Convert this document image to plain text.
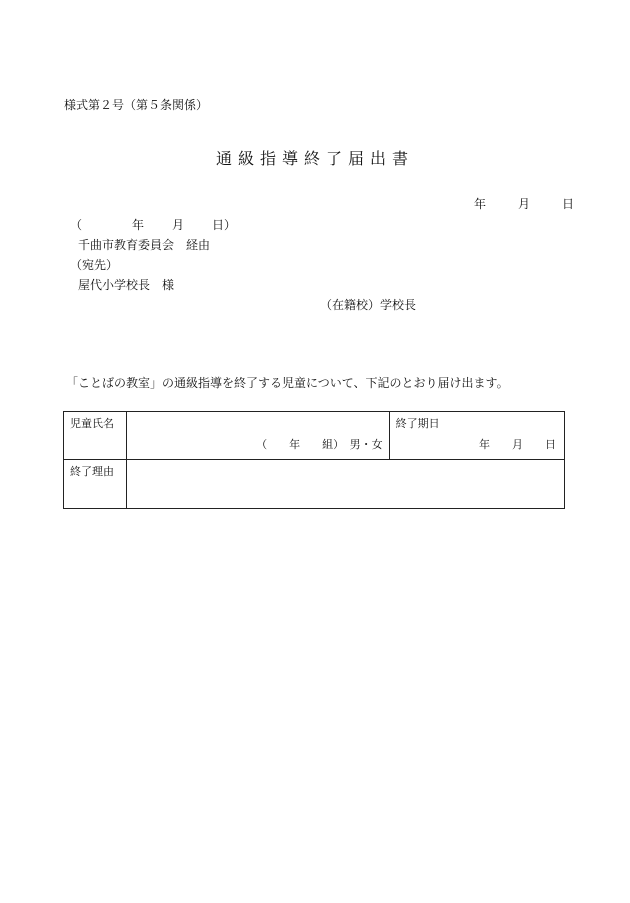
様式第２号（第５条関係）
通級指導終了届出書
年	月	日
（	年 月 日）
千曲市教育委員会　経由
（宛先）
屋代小学校長　様
（在籍校）学校長
「ことばの教室」の通級指導を終了する児童について、下記のとおり届け出ます。
児童氏名	（　　年　　組）　男・女	終了期日
年　　月　　日

終了理由		
